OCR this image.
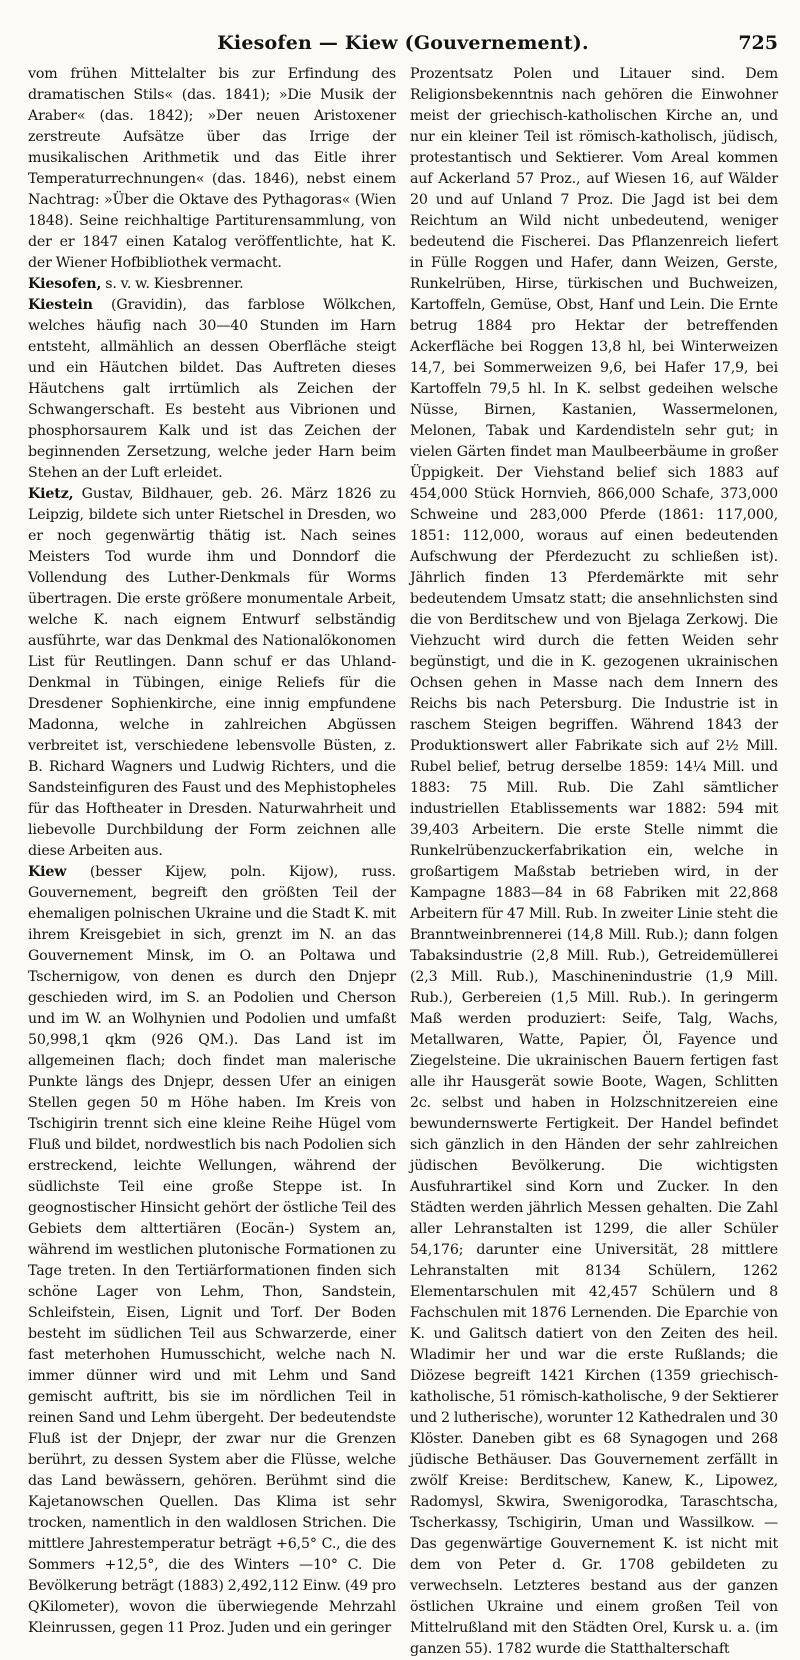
Kiesofen — Kiew (Gouvernement).	725

vom frühen Mittelalter bis zur Erfindung des dramatischen Stils« (das. 1841); »Die Musik der Araber« (das. 1842); »Der neuen Aristoxener zerstreute Aufsätze über das Irrige der musikalischen Arithmetik und das Eitle ihrer Temperaturrechnungen« (das. 1846), nebst einem Nachtrag: »Über die Oktave des Pythagoras« (Wien 1848). Seine reichhaltige Partiturensammlung, von der er 1847 einen Katalog veröffentlichte, hat K. der Wiener Hofbibliothek vermacht.

Kiesofen, s. v. w. Kiesbrenner.

Kiestein (Gravidin), das farblose Wölkchen, welches häufig nach 30—40 Stunden im Harn entsteht, allmählich an dessen Oberfläche steigt und ein Häutchen bildet. Das Auftreten dieses Häutchens galt irrtümlich als Zeichen der Schwangerschaft. Es besteht aus Vibrionen und phosphorsaurem Kalk und ist das Zeichen der beginnenden Zersetzung, welche jeder Harn beim Stehen an der Luft erleidet.

Kietz, Gustav, Bildhauer, geb. 26. März 1826 zu Leipzig, bildete sich unter Rietschel in Dresden, wo er noch gegenwärtig thätig ist. Nach seines Meisters Tod wurde ihm und Donndorf die Vollendung des Luther-Denkmals für Worms übertragen. Die erste größere monumentale Arbeit, welche K. nach eignem Entwurf selbständig ausführte, war das Denkmal des Nationalökonomen List für Reutlingen. Dann schuf er das Uhland-Denkmal in Tübingen, einige Reliefs für die Dresdener Sophienkirche, eine innig empfundene Madonna, welche in zahlreichen Abgüssen verbreitet ist, verschiedene lebensvolle Büsten, z. B. Richard Wagners und Ludwig Richters, und die Sandsteinfiguren des Faust und des Mephistopheles für das Hoftheater in Dresden. Naturwahrheit und liebevolle Durchbildung der Form zeichnen alle diese Arbeiten aus.

Kiew (besser Kijew, poln. Kijow), russ. Gouvernement, begreift den größten Teil der ehemaligen polnischen Ukraine und die Stadt K. mit ihrem Kreisgebiet in sich, grenzt im N. an das Gouvernement Minsk, im O. an Poltawa und Tschernigow, von denen es durch den Dnjepr geschieden wird, im S. an Podolien und Cherson und im W. an Wolhynien und Podolien und umfaßt 50,998,1 qkm (926 QM.). Das Land ist im allgemeinen flach; doch findet man malerische Punkte längs des Dnjepr, dessen Ufer an einigen Stellen gegen 50 m Höhe haben. Im Kreis von Tschigirin trennt sich eine kleine Reihe Hügel vom Fluß und bildet, nordwestlich bis nach Podolien sich erstreckend, leichte Wellungen, während der südlichste Teil eine große Steppe ist. In geognostischer Hinsicht gehört der östliche Teil des Gebiets dem alttertiären (Eocän-) System an, während im westlichen plutonische Formationen zu Tage treten. In den Tertiärformationen finden sich schöne Lager von Lehm, Thon, Sandstein, Schleifstein, Eisen, Lignit und Torf. Der Boden besteht im südlichen Teil aus Schwarzerde, einer fast meterhohen Humusschicht, welche nach N. immer dünner wird und mit Lehm und Sand gemischt auftritt, bis sie im nördlichen Teil in reinen Sand und Lehm übergeht. Der bedeutendste Fluß ist der Dnjepr, der zwar nur die Grenzen berührt, zu dessen System aber die Flüsse, welche das Land bewässern, gehören. Berühmt sind die Kajetanowschen Quellen. Das Klima ist sehr trocken, namentlich in den waldlosen Strichen. Die mittlere Jahrestemperatur beträgt +6,5° C., die des Sommers +12,5°, die des Winters —10° C. Die Bevölkerung beträgt (1883) 2,492,112 Einw. (49 pro QKilometer), wovon die überwiegende Mehrzahl Kleinrussen, gegen 11 Proz. Juden und ein geringer

Prozentsatz Polen und Litauer sind. Dem Religionsbekenntnis nach gehören die Einwohner meist der griechisch-katholischen Kirche an, und nur ein kleiner Teil ist römisch-katholisch, jüdisch, protestantisch und Sektierer. Vom Areal kommen auf Ackerland 57 Proz., auf Wiesen 16, auf Wälder 20 und auf Unland 7 Proz. Die Jagd ist bei dem Reichtum an Wild nicht unbedeutend, weniger bedeutend die Fischerei. Das Pflanzenreich liefert in Fülle Roggen und Hafer, dann Weizen, Gerste, Runkelrüben, Hirse, türkischen und Buchweizen, Kartoffeln, Gemüse, Obst, Hanf und Lein. Die Ernte betrug 1884 pro Hektar der betreffenden Ackerfläche bei Roggen 13,8 hl, bei Winterweizen 14,7, bei Sommerweizen 9,6, bei Hafer 17,9, bei Kartoffeln 79,5 hl. In K. selbst gedeihen welsche Nüsse, Birnen, Kastanien, Wassermelonen, Melonen, Tabak und Kardendisteln sehr gut; in vielen Gärten findet man Maulbeerbäume in großer Üppigkeit. Der Viehstand belief sich 1883 auf 454,000 Stück Hornvieh, 866,000 Schafe, 373,000 Schweine und 283,000 Pferde (1861: 117,000, 1851: 112,000, woraus auf einen bedeutenden Aufschwung der Pferdezucht zu schließen ist). Jährlich finden 13 Pferdemärkte mit sehr bedeutendem Umsatz statt; die ansehnlichsten sind die von Berditschew und von Bjelaga Zerkowj. Die Viehzucht wird durch die fetten Weiden sehr begünstigt, und die in K. gezogenen ukrainischen Ochsen gehen in Masse nach dem Innern des Reichs bis nach Petersburg. Die Industrie ist in raschem Steigen begriffen. Während 1843 der Produktionswert aller Fabrikate sich auf 2½ Mill. Rubel belief, betrug derselbe 1859: 14¼ Mill. und 1883: 75 Mill. Rub. Die Zahl sämtlicher industriellen Etablissements war 1882: 594 mit 39,403 Arbeitern. Die erste Stelle nimmt die Runkelrübenzuckerfabrikation ein, welche in großartigem Maßstab betrieben wird, in der Kampagne 1883—84 in 68 Fabriken mit 22,868 Arbeitern für 47 Mill. Rub. In zweiter Linie steht die Branntweinbrennerei (14,8 Mill. Rub.); dann folgen Tabaksindustrie (2,8 Mill. Rub.), Getreidemüllerei (2,3 Mill. Rub.), Maschinenindustrie (1,9 Mill. Rub.), Gerbereien (1,5 Mill. Rub.). In geringerm Maß werden produziert: Seife, Talg, Wachs, Metallwaren, Watte, Papier, Öl, Fayence und Ziegelsteine. Die ukrainischen Bauern fertigen fast alle ihr Hausgerät sowie Boote, Wagen, Schlitten 2c. selbst und haben in Holzschnitzereien eine bewundernswerte Fertigkeit. Der Handel befindet sich gänzlich in den Händen der sehr zahlreichen jüdischen Bevölkerung. Die wichtigsten Ausfuhrartikel sind Korn und Zucker. In den Städten werden jährlich Messen gehalten. Die Zahl aller Lehranstalten ist 1299, die aller Schüler 54,176; darunter eine Universität, 28 mittlere Lehranstalten mit 8134 Schülern, 1262 Elementarschulen mit 42,457 Schülern und 8 Fachschulen mit 1876 Lernenden. Die Eparchie von K. und Galitsch datiert von den Zeiten des heil. Wladimir her und war die erste Rußlands; die Diözese begreift 1421 Kirchen (1359 griechisch-katholische, 51 römisch-katholische, 9 der Sektierer und 2 lutherische), worunter 12 Kathedralen und 30 Klöster. Daneben gibt es 68 Synagogen und 268 jüdische Bethäuser. Das Gouvernement zerfällt in zwölf Kreise: Berditschew, Kanew, K., Lipowez, Radomysl, Skwira, Swenigorodka, Taraschtscha, Tscherkassy, Tschigirin, Uman und Wassilkow. — Das gegenwärtige Gouvernement K. ist nicht mit dem von Peter d. Gr. 1708 gebildeten zu verwechseln. Letzteres bestand aus der ganzen östlichen Ukraine und einem großen Teil von Mittelrußland mit den Städten Orel, Kursk u. a. (im ganzen 55). 1782 wurde die Statthalterschaft
